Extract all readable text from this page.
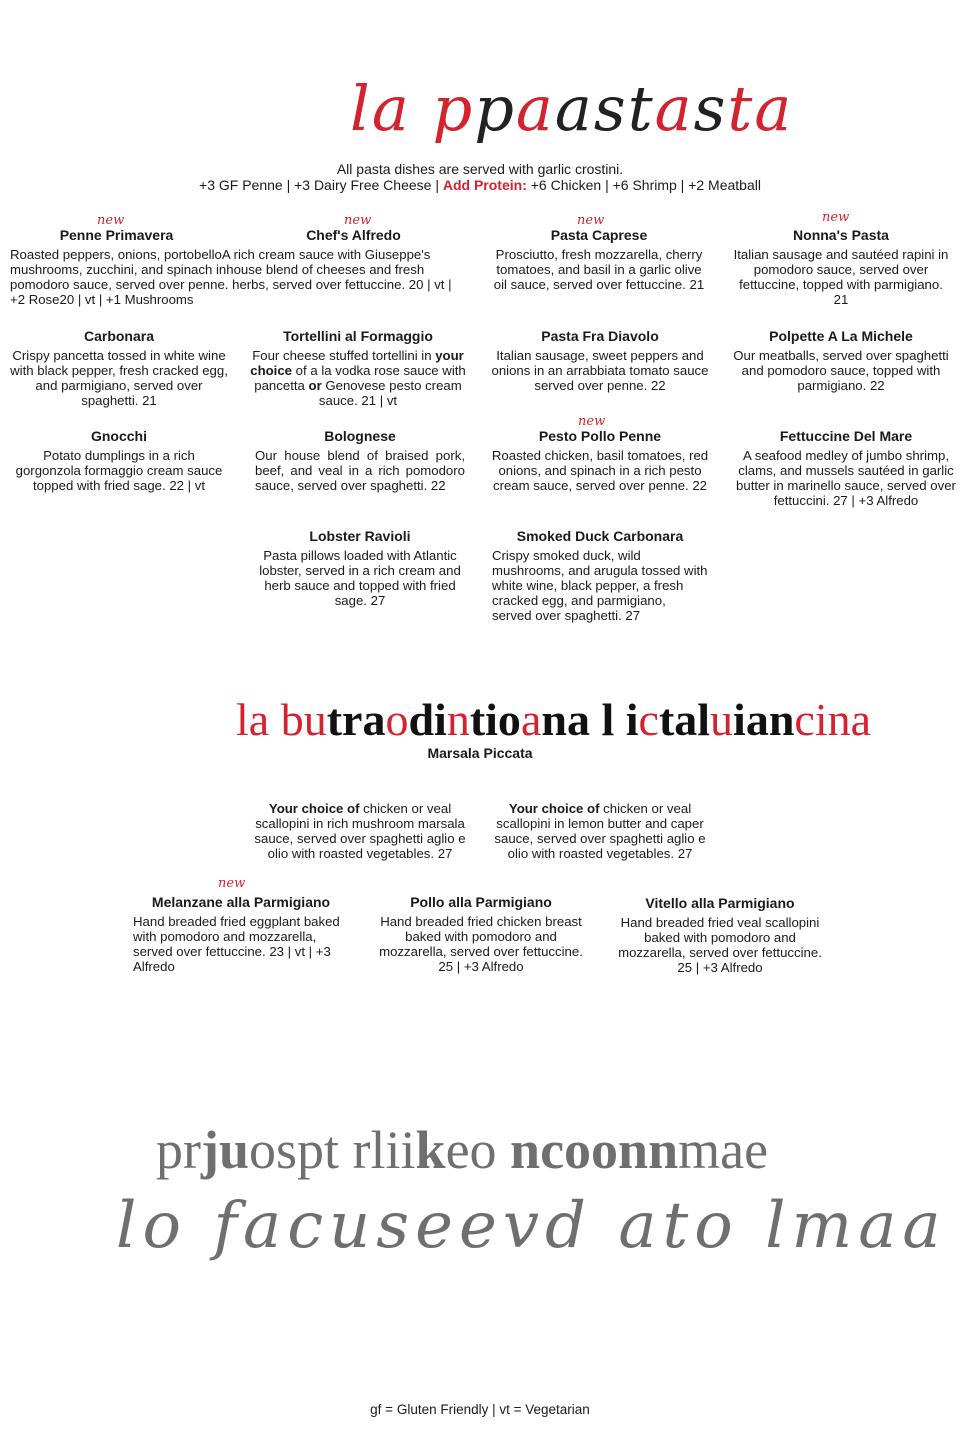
la ppaastasta
All pasta dishes are served with garlic crostini.
+3 GF Penne | +3 Dairy Free Cheese | Add Protein: +6 Chicken | +6 Shrimp | +2 Meatball
new	new	new	new
Penne Primavera	Chef's Alfredo
Roasted peppers, onions, portobelloA rich cream sauce with Giuseppe's mushrooms, zucchini, and spinach inhouse blend of cheeses and fresh pomodoro sauce, served over penne. herbs, served over fettuccine. 20 | vt | +2 Rose20 | vt | +1 Mushrooms
Pasta Caprese
Prosciutto, fresh mozzarella, cherry tomatoes, and basil in a garlic olive oil sauce, served over fettuccine. 21
Nonna's Pasta
Italian sausage and sautéed rapini in pomodoro sauce, served over fettuccine, topped with parmigiano. 21
Carbonara
Crispy pancetta tossed in white wine with black pepper, fresh cracked egg, and parmigiano, served over spaghetti. 21
Tortellini al Formaggio
Four cheese stuffed tortellini in your choice of a la vodka rose sauce with pancetta or Genovese pesto cream sauce. 21 | vt
Pasta Fra Diavolo
Italian sausage, sweet peppers and onions in an arrabbiata tomato sauce served over penne. 22
Polpette A La Michele
Our meatballs, served over spaghetti and pomodoro sauce, topped with parmigiano. 22
new
Gnocchi
Potato dumplings in a rich gorgonzola formaggio cream sauce topped with fried sage. 22 | vt
Bolognese
Our house blend of braised pork, beef, and veal in a rich pomodoro sauce, served over spaghetti. 22
Pesto Pollo Penne
Roasted chicken, basil tomatoes, red onions, and spinach in a rich pesto cream sauce, served over penne. 22
Fettuccine Del Mare
A seafood medley of jumbo shrimp, clams, and mussels sautéed in garlic butter in marinello sauce, served over fettuccini. 27 | +3 Alfredo
Lobster Ravioli
Pasta pillows loaded with Atlantic lobster, served in a rich cream and herb sauce and topped with fried sage. 27
Smoked Duck Carbonara
Crispy smoked duck, wild mushrooms, and arugula tossed with white wine, black pepper, a fresh cracked egg, and parmigiano, served over spaghetti. 27
la butraodintioana l ictaluiancina
Marsala Piccata
Your choice of chicken or veal scallopini in rich mushroom marsala sauce, served over spaghetti aglio e olio with roasted vegetables. 27
Your choice of chicken or veal scallopini in lemon butter and caper sauce, served over spaghetti aglio e olio with roasted vegetables. 27
new
Melanzane alla Parmigiano
Hand breaded fried eggplant baked with pomodoro and mozzarella, served over fettuccine. 23 | vt | +3 Alfredo
Pollo alla Parmigiano
Hand breaded fried chicken breast baked with pomodoro and mozzarella, served over fettuccine. 25 | +3 Alfredo
Vitello alla Parmigiano
Hand breaded fried veal scallopini baked with pomodoro and mozzarella, served over fettuccine. 25 | +3 Alfredo
prjuospt rliikeo ncoonnmae
lo facuseevd ato lmaa
gf = Gluten Friendly | vt = Vegetarian
